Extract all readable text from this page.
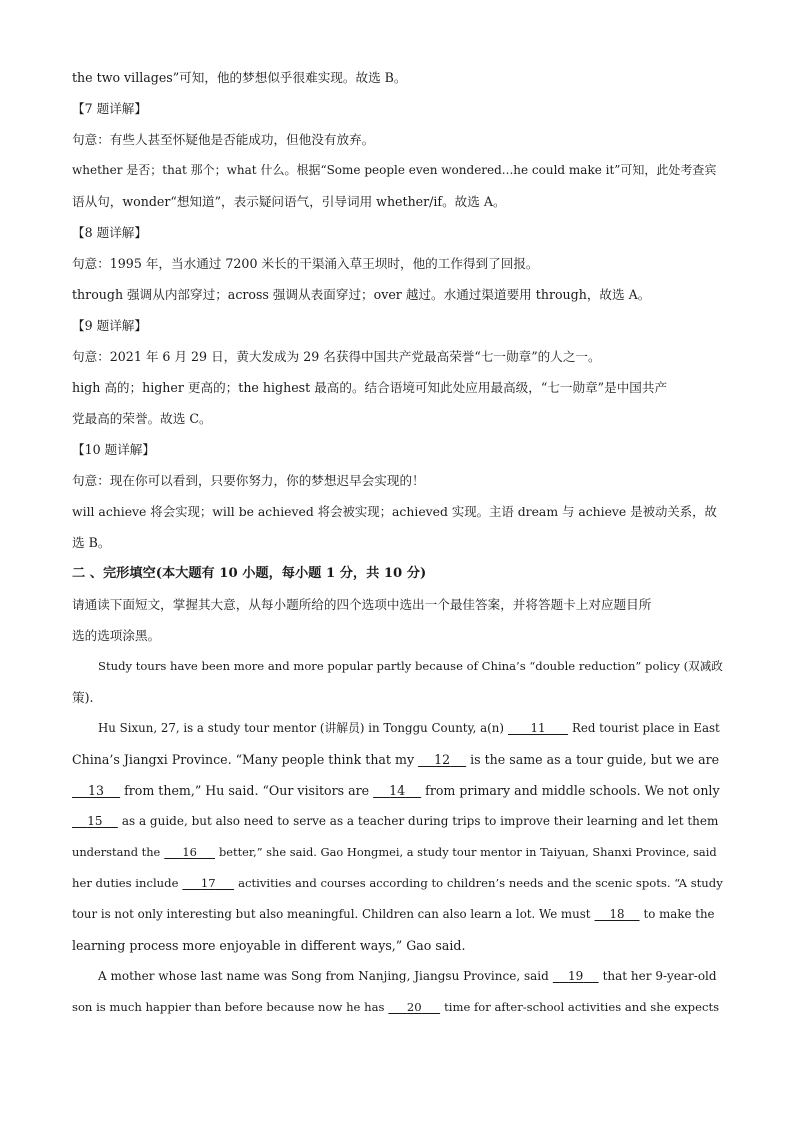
the two villages”可知，他的梦想似乎很难实现。故选 B。

【7 题详解】

句意：有些人甚至怀疑他是否能成功，但他没有放弃。

whether 是否；that 那个；what 什么。根据“Some people even wondered...he could make it”可知，此处考查宾

语从句，wonder“想知道”，表示疑问语气，引导词用 whether/if。故选 A。

【8 题详解】

句意：1995 年，当水通过 7200 米长的干渠涌入草王坝时，他的工作得到了回报。

through 强调从内部穿过；across 强调从表面穿过；over 越过。水通过渠道要用 through，故选 A。

【9 题详解】

句意：2021 年 6 月 29 日，黄大发成为 29 名获得中国共产党最高荣誉“七一勋章”的人之一。

high 高的；higher 更高的；the highest 最高的。结合语境可知此处应用最高级，“七一勋章”是中国共产

党最高的荣誉。故选 C。

【10 题详解】

句意：现在你可以看到，只要你努力，你的梦想迟早会实现的！

will achieve 将会实现；will be achieved 将会被实现；achieved 实现。主语 dream 与 achieve 是被动关系，故

选 B。

二 、完形填空(本大题有 10 小题，每小题 1 分，共 10 分)

请通读下面短文，掌握其大意，从每小题所给的四个选项中选出一个最佳答案，并将答题卡上对应题目所

选的选项涂黑。

Study tours have been more and more popular partly because of China’s “double reduction” policy (双减政

策).

Hu Sixun, 27, is a study tour mentor (讲解员) in Tonggu County, a(n) 11 Red tourist place in East

China’s Jiangxi Province. “Many people think that my 12 is the same as a tour guide, but we are

13 from them,” Hu said. “Our visitors are 14 from primary and middle schools. We not only

15 as a guide, but also need to serve as a teacher during trips to improve their learning and let them

understand the 16 better,” she said. Gao Hongmei, a study tour mentor in Taiyuan, Shanxi Province, said

her duties include 17 activities and courses according to children’s needs and the scenic spots. “A study

tour is not only interesting but also meaningful. Children can also learn a lot. We must 18 to make the

learning process more enjoyable in different ways,” Gao said.

A mother whose last name was Song from Nanjing, Jiangsu Province, said 19 that her 9-year-old

son is much happier than before because now he has 20 time for after-school activities and she expects
